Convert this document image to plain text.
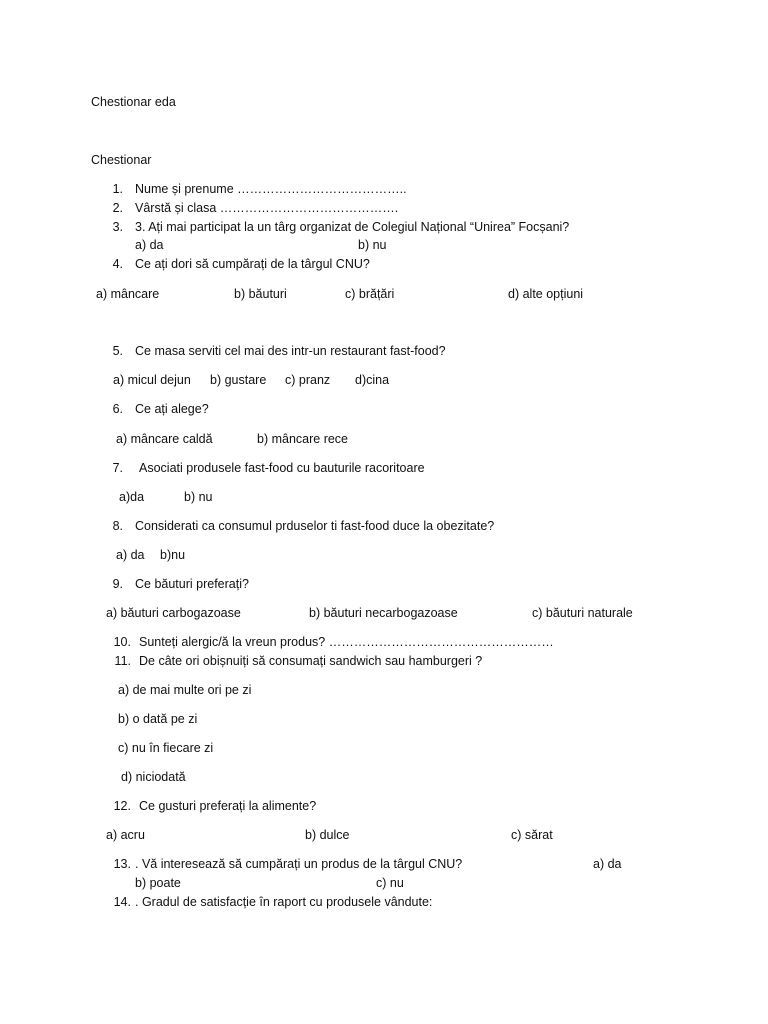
Chestionar eda
Chestionar
1. Nume și prenume …………………………………..
2. Vârstă și clasa …………………………………….
3. 3. Ați mai participat la un târg organizat de Colegiul Național “Unirea” Focșani?
a) da	b) nu
4. Ce ați dori să cumpărați de la târgul CNU?
a) mâncare	b) băuturi	c) brățări	d) alte opțiuni
5. Ce masa serviti cel mai des intr-un restaurant fast-food?
a) micul dejun b) gustare c) pranz d)cina
6. Ce ați alege?
a) mâncare caldă	b) mâncare rece
7. Asociati produsele fast-food cu bauturile racoritoare
a)da	b) nu
8. Considerati ca consumul prduselor ti fast-food duce la obezitate?
a) da b)nu
9. Ce băuturi preferați?
a) băuturi carbogazoase	b) băuturi necarbogazoase	c) băuturi naturale
10. Sunteți alergic/ă la vreun produs? ………………………………………………
11. De câte ori obișnuiți să consumați sandwich sau hamburgeri ?
a) de mai multe ori pe zi
b) o dată pe zi
c) nu în fiecare zi
d) niciodată
12. Ce gusturi preferați la alimente?
a) acru	b) dulce	c) sărat
13. . Vă interesează să cumpărați un produs de la târgul CNU?	a) da
b) poate	c) nu
14. . Gradul de satisfacție în raport cu produsele vândute:
